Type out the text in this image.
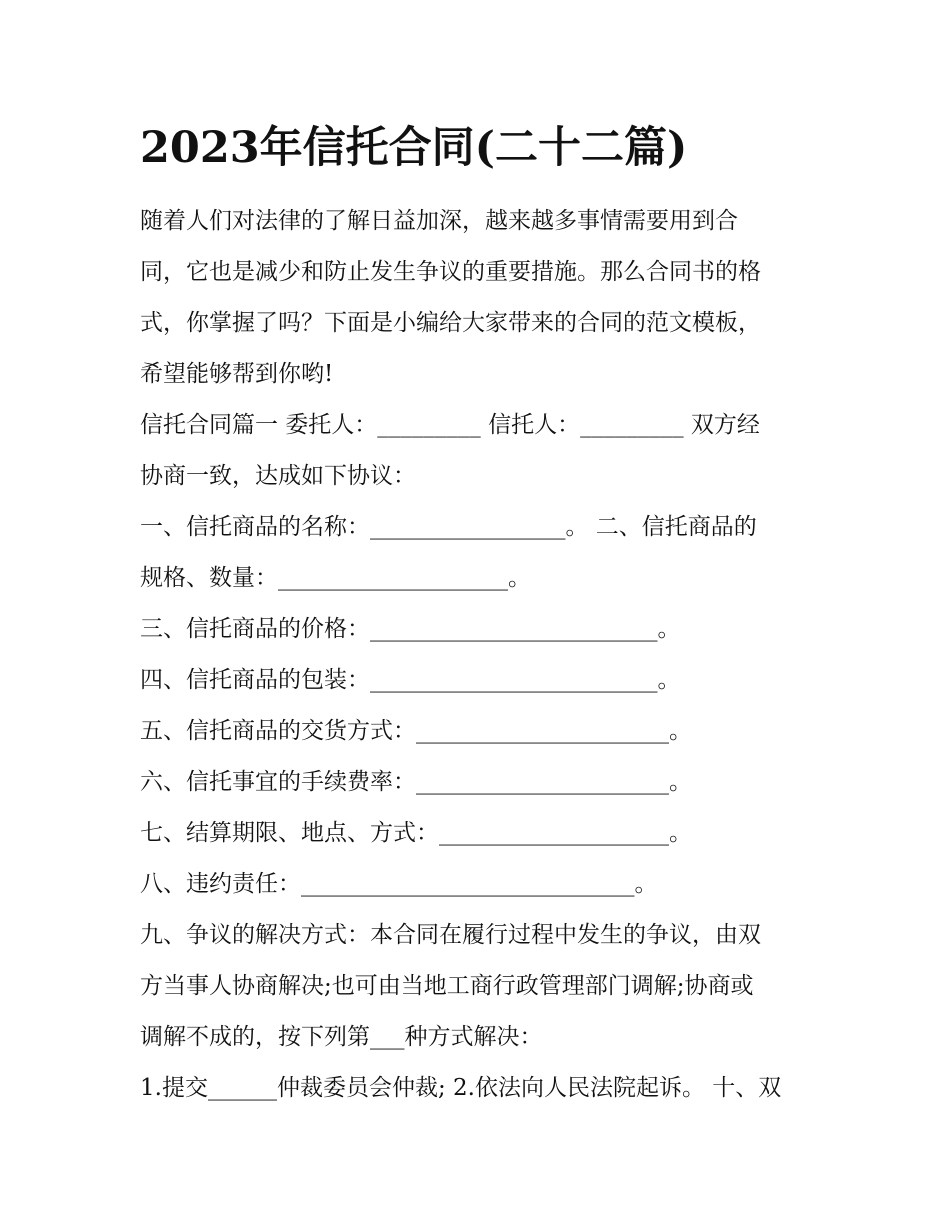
2023年信托合同(二十二篇)
随着人们对法律的了解日益加深，越来越多事情需要用到合
同，它也是减少和防止发生争议的重要措施。那么合同书的格
式，你掌握了吗？下面是小编给大家带来的合同的范文模板，
希望能够帮到你哟!
信托合同篇一 委托人：_________ 信托人：_________ 双方经
协商一致，达成如下协议：
一、信托商品的名称：_________________。 二、信托商品的
规格、数量：____________________。
三、信托商品的价格：_________________________。
四、信托商品的包装：_________________________。
五、信托商品的交货方式：______________________。
六、信托事宜的手续费率：______________________。
七、结算期限、地点、方式：____________________。
八、违约责任：_____________________________。
九、争议的解决方式：本合同在履行过程中发生的争议，由双
方当事人协商解决;也可由当地工商行政管理部门调解;协商或
调解不成的，按下列第___种方式解决：
1.提交______仲裁委员会仲裁; 2.依法向人民法院起诉。 十、双
